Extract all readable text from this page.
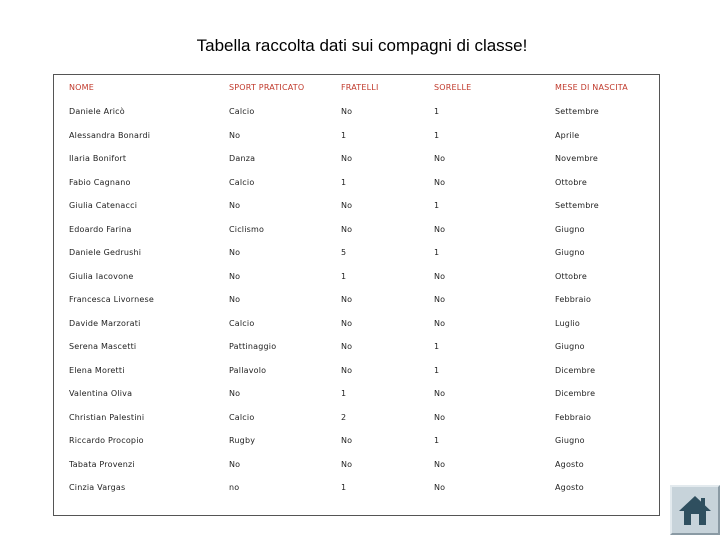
Tabella raccolta dati sui compagni di classe!
NOME	SPORT PRATICATO	FRATELLI	SORELLE	MESE DI NASCITA
Daniele Aricò	Calcio	No	1	Settembre
Alessandra Bonardi	No	1	1	Aprile
Ilaria Bonifort	Danza	No	No	Novembre
Fabio Cagnano	Calcio	1	No	Ottobre
Giulia Catenacci	No	No	1	Settembre
Edoardo Farina	Ciclismo	No	No	Giugno
Daniele Gedrushi	No	5	1	Giugno
Giulia Iacovone	No	1	No	Ottobre
Francesca Livornese	No	No	No	Febbraio
Davide Marzorati	Calcio	No	No	Luglio
Serena Mascetti	Pattinaggio	No	1	Giugno
Elena Moretti	Pallavolo	No	1	Dicembre
Valentina Oliva	No	1	No	Dicembre
Christian Palestini	Calcio	2	No	Febbraio
Riccardo Procopio	Rugby	No	1	Giugno
Tabata Provenzi	No	No	No	Agosto
Cinzia Vargas	no	1	No	Agosto
